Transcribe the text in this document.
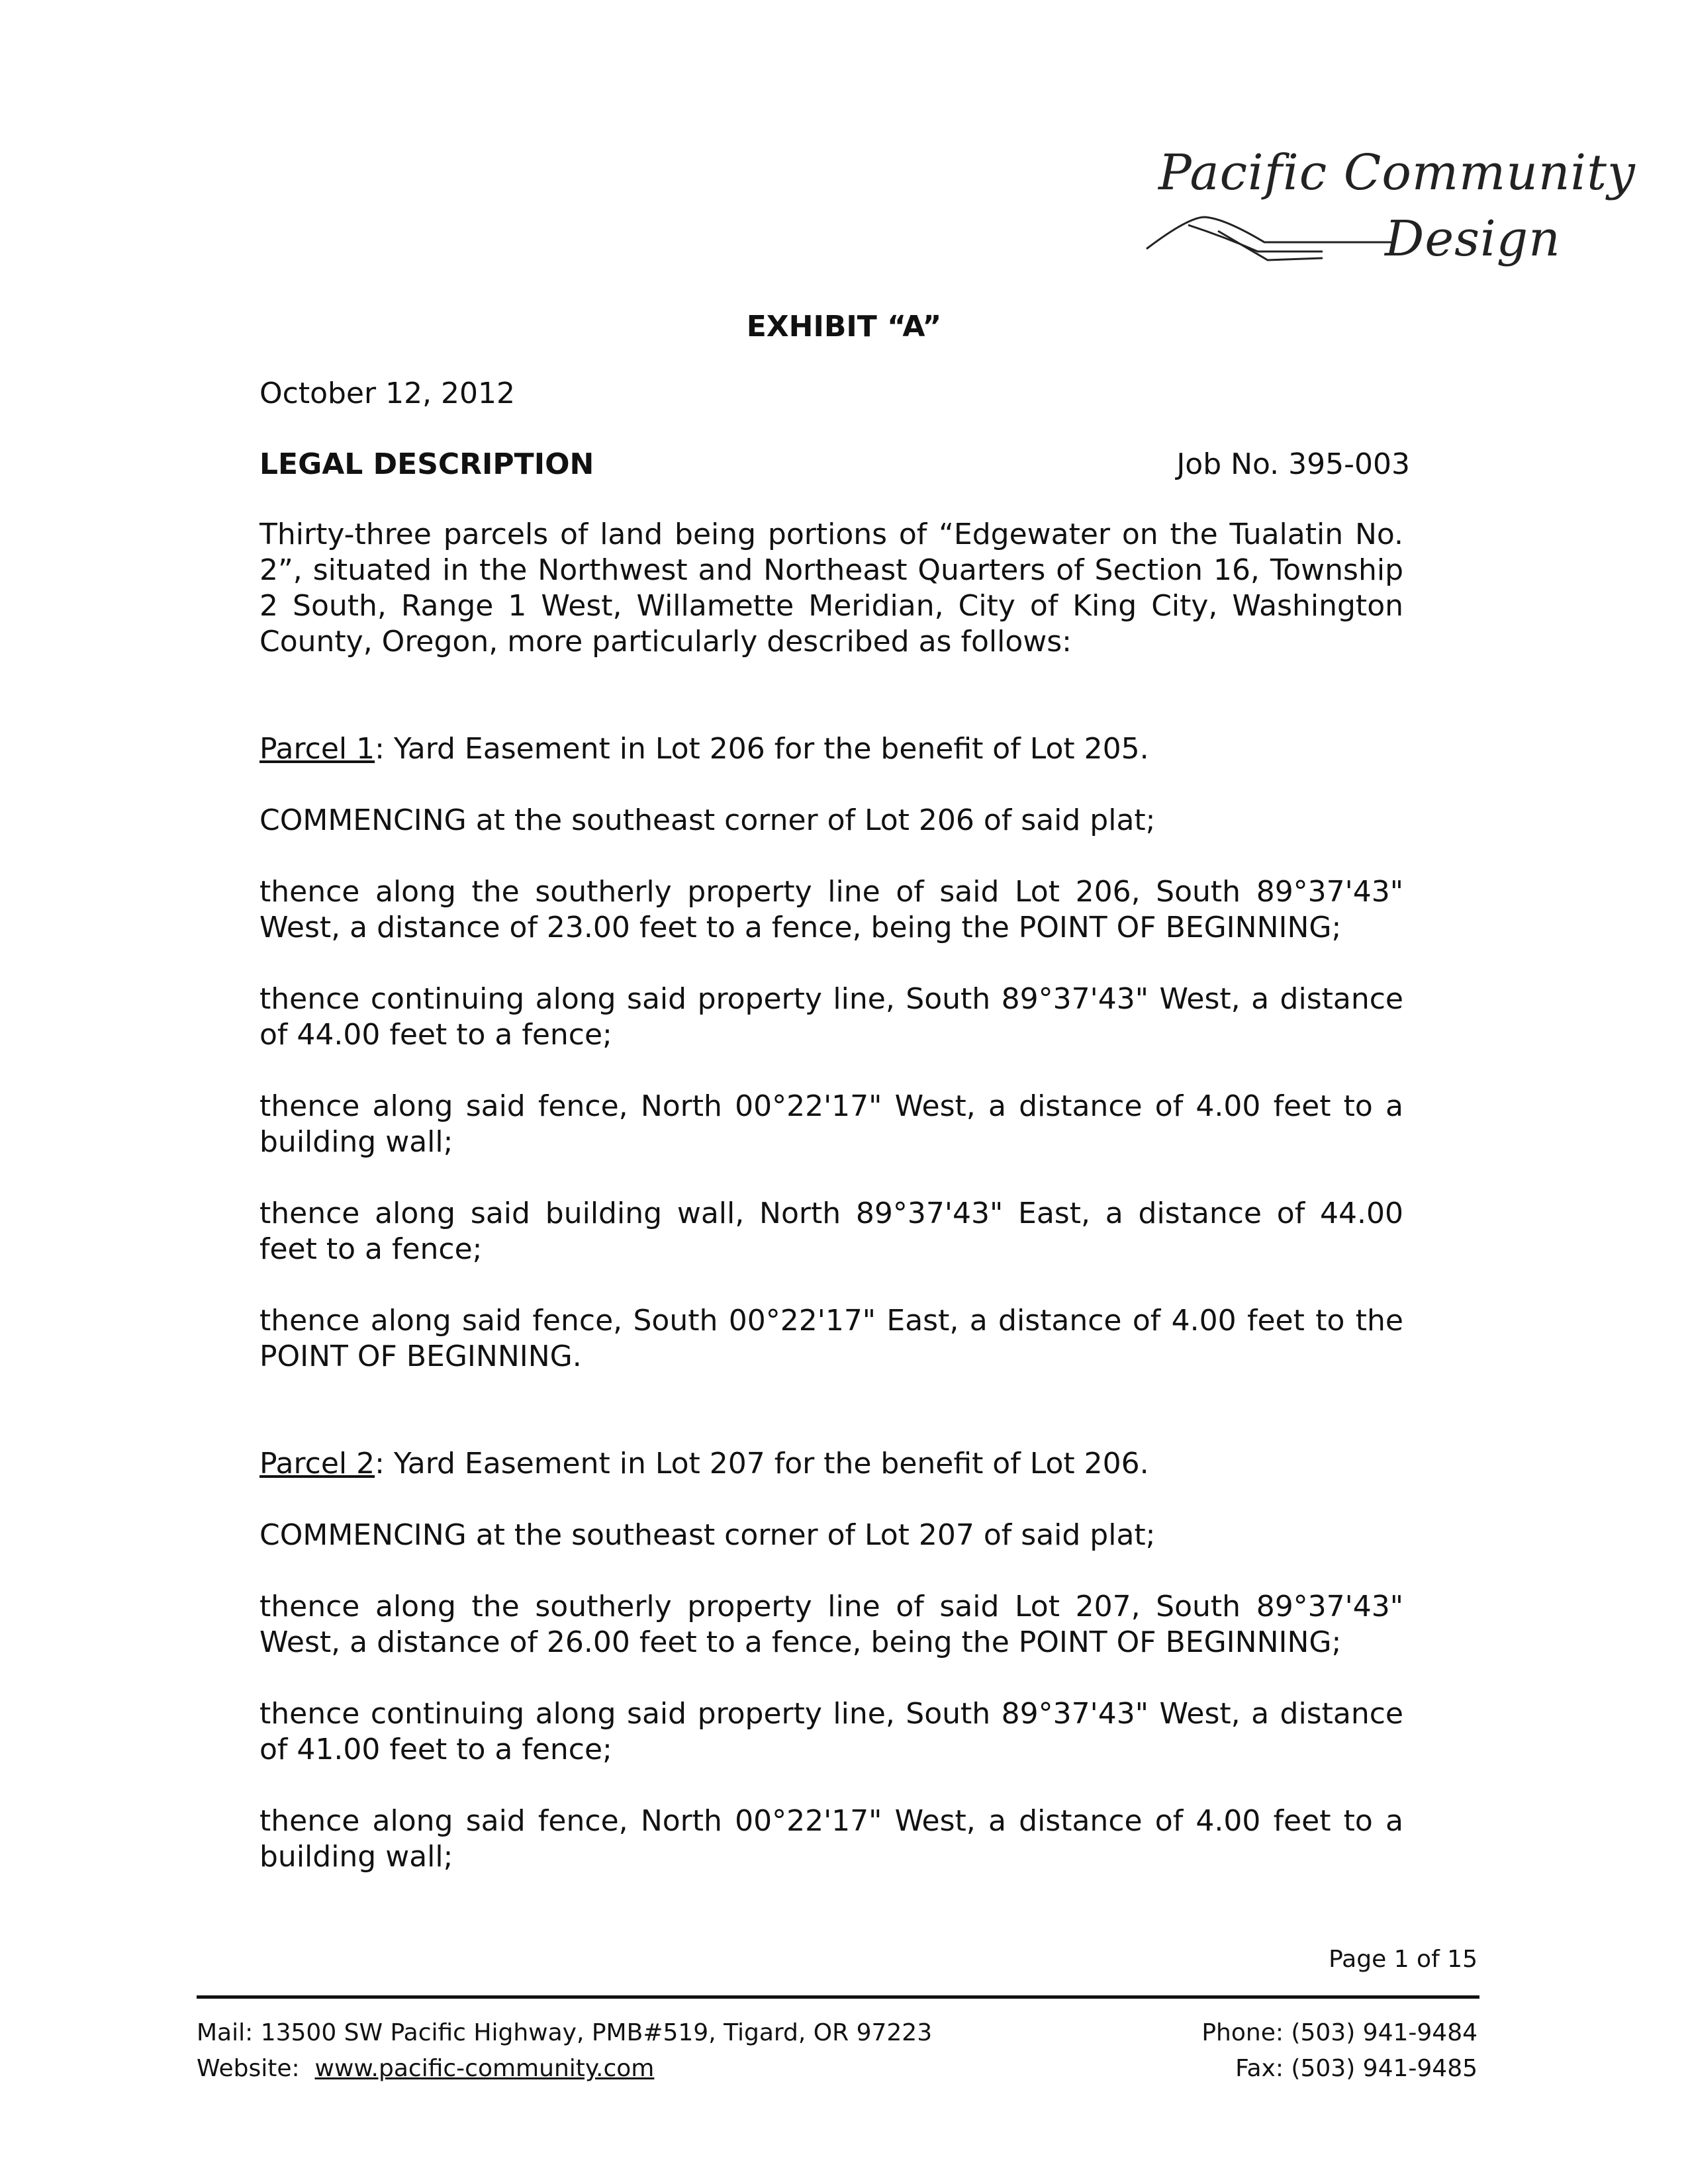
Pacific Community
Design
EXHIBIT “A”
October 12, 2012
LEGAL DESCRIPTION	Job No. 395-003
Thirty-three parcels of land being portions of “Edgewater on the Tualatin No. 2”, situated in the Northwest and Northeast Quarters of Section 16, Township 2 South, Range 1 West, Willamette Meridian, City of King City, Washington County, Oregon, more particularly described as follows:
Parcel 1: Yard Easement in Lot 206 for the benefit of Lot 205.
COMMENCING at the southeast corner of Lot 206 of said plat;
thence along the southerly property line of said Lot 206, South 89°37'43" West, a distance of 23.00 feet to a fence, being the POINT OF BEGINNING;
thence continuing along said property line, South 89°37'43" West, a distance of 44.00 feet to a fence;
thence along said fence, North 00°22'17" West, a distance of 4.00 feet to a building wall;
thence along said building wall, North 89°37'43" East, a distance of 44.00 feet to a fence;
thence along said fence, South 00°22'17" East, a distance of 4.00 feet to the POINT OF BEGINNING.
Parcel 2: Yard Easement in Lot 207 for the benefit of Lot 206.
COMMENCING at the southeast corner of Lot 207 of said plat;
thence along the southerly property line of said Lot 207, South 89°37'43" West, a distance of 26.00 feet to a fence, being the POINT OF BEGINNING;
thence continuing along said property line, South 89°37'43" West, a distance of 41.00 feet to a fence;
thence along said fence, North 00°22'17" West, a distance of 4.00 feet to a building wall;
Page 1 of 15
Mail: 13500 SW Pacific Highway, PMB#519, Tigard, OR 97223
Website:  www.pacific-community.com
Phone: (503) 941-9484
Fax: (503) 941-9485
